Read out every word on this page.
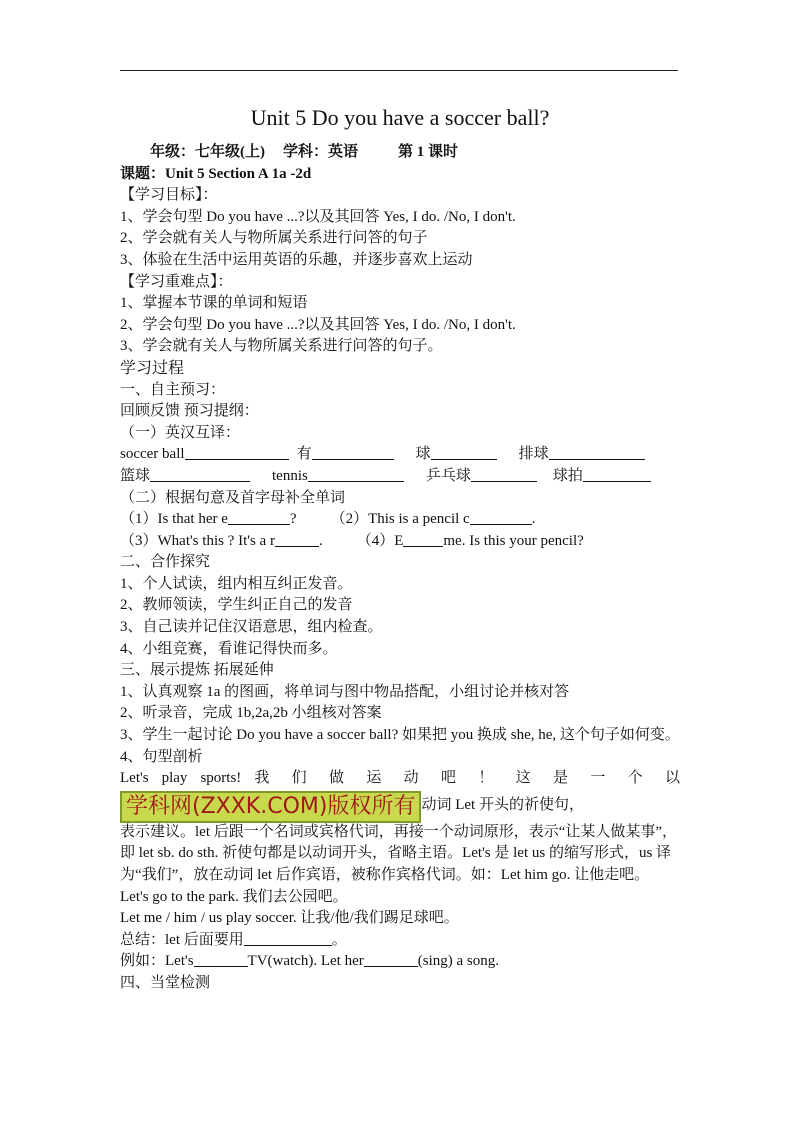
Unit 5 Do you have a soccer ball?
年级：七年级(上) 学科：英语	第 1 课时
课题：Unit 5 Section A 1a -2d
【学习目标】：
1、学会句型 Do you have ...?以及其回答 Yes, I do. /No, I don't.
2、学会就有关人与物所属关系进行问答的句子
3、体验在生活中运用英语的乐趣，并逐步喜欢上运动
【学习重难点】：
1、掌握本节课的单词和短语
2、学会句型 Do you have ...?以及其回答 Yes, I do. /No, I don't.
3、学会就有关人与物所属关系进行问答的句子。
学习过程
一、自主预习：
回顾反馈 预习提纲：
（一）英汉互译：
soccer ball	有	球	排球
篮球	tennis	乒乓球	球拍
（二）根据句意及首字母补全单词
（1）Is that her e	? （2）This is a pencil c	.
（3）What's this ? It's a r	. （4）E	me. Is this your pencil?
二、合作探究
1、个人试读，组内相互纠正发音。
2、教师领读，学生纠正自己的发音
3、自己读并记住汉语意思，组内检查。
4、小组竞赛，看谁记得快而多。
三、展示提炼 拓展延伸
1、认真观察 1a 的图画，将单词与图中物品搭配，小组讨论并核对答
2、听录音，完成 1b,2a,2b 小组核对答案
3、学生一起讨论 Do you have a soccer ball? 如果把 you 换成 she, he, 这个句子如何变。
4、句型剖析
Let's play sports! 我 们 做 运 动 吧 ！ 这 是 一 个 以
学科网(ZXXK.COM)版权所有 动词 Let 开头的祈使句，
表示建议。let 后跟一个名词或宾格代词，再接一个动词原形，表示“让某人做某事”，即 let sb. do sth. 祈使句都是以动词开头，省略主语。Let's 是 let us 的缩写形式，us 译为“我们”，放在动词 let 后作宾语，被称作宾格代词。如：Let him go. 让他走吧。
Let's go to the park. 我们去公园吧。
Let me / him / us play soccer. 让我/他/我们踢足球吧。
总结：let 后面要用	。
例如：Let's	TV(watch). Let her	(sing) a song.
四、当堂检测
